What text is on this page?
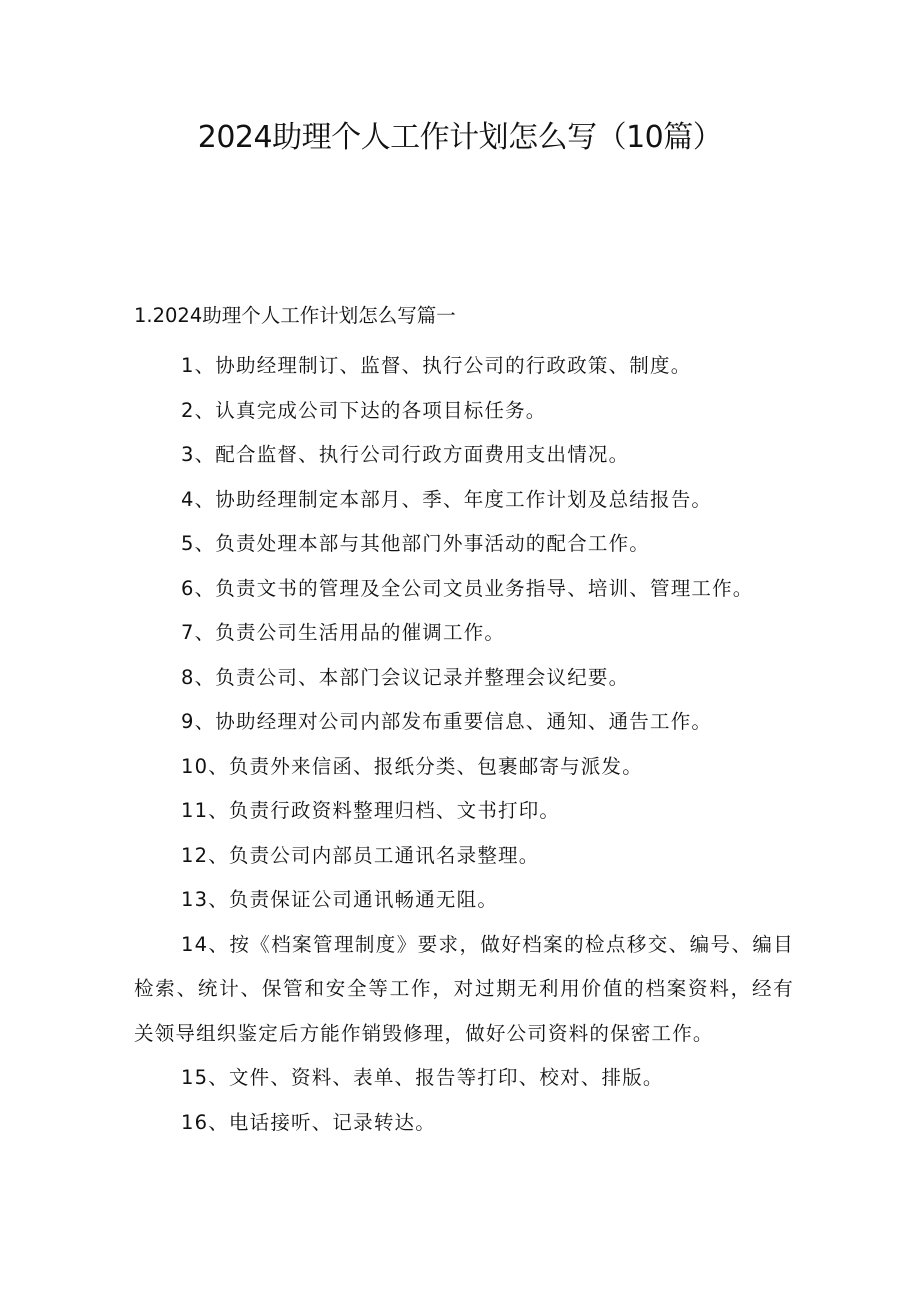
2024助理个人工作计划怎么写（10篇）
1.2024助理个人工作计划怎么写篇一
1、协助经理制订、监督、执行公司的行政政策、制度。
2、认真完成公司下达的各项目标任务。
3、配合监督、执行公司行政方面费用支出情况。
4、协助经理制定本部月、季、年度工作计划及总结报告。
5、负责处理本部与其他部门外事活动的配合工作。
6、负责文书的管理及全公司文员业务指导、培训、管理工作。
7、负责公司生活用品的催调工作。
8、负责公司、本部门会议记录并整理会议纪要。
9、协助经理对公司内部发布重要信息、通知、通告工作。
10、负责外来信函、报纸分类、包裹邮寄与派发。
11、负责行政资料整理归档、文书打印。
12、负责公司内部员工通讯名录整理。
13、负责保证公司通讯畅通无阻。
14、按《档案管理制度》要求，做好档案的检点移交、编号、编目检索、统计、保管和安全等工作，对过期无利用价值的档案资料，经有关领导组织鉴定后方能作销毁修理，做好公司资料的保密工作。
15、文件、资料、表单、报告等打印、校对、排版。
16、电话接听、记录转达。
